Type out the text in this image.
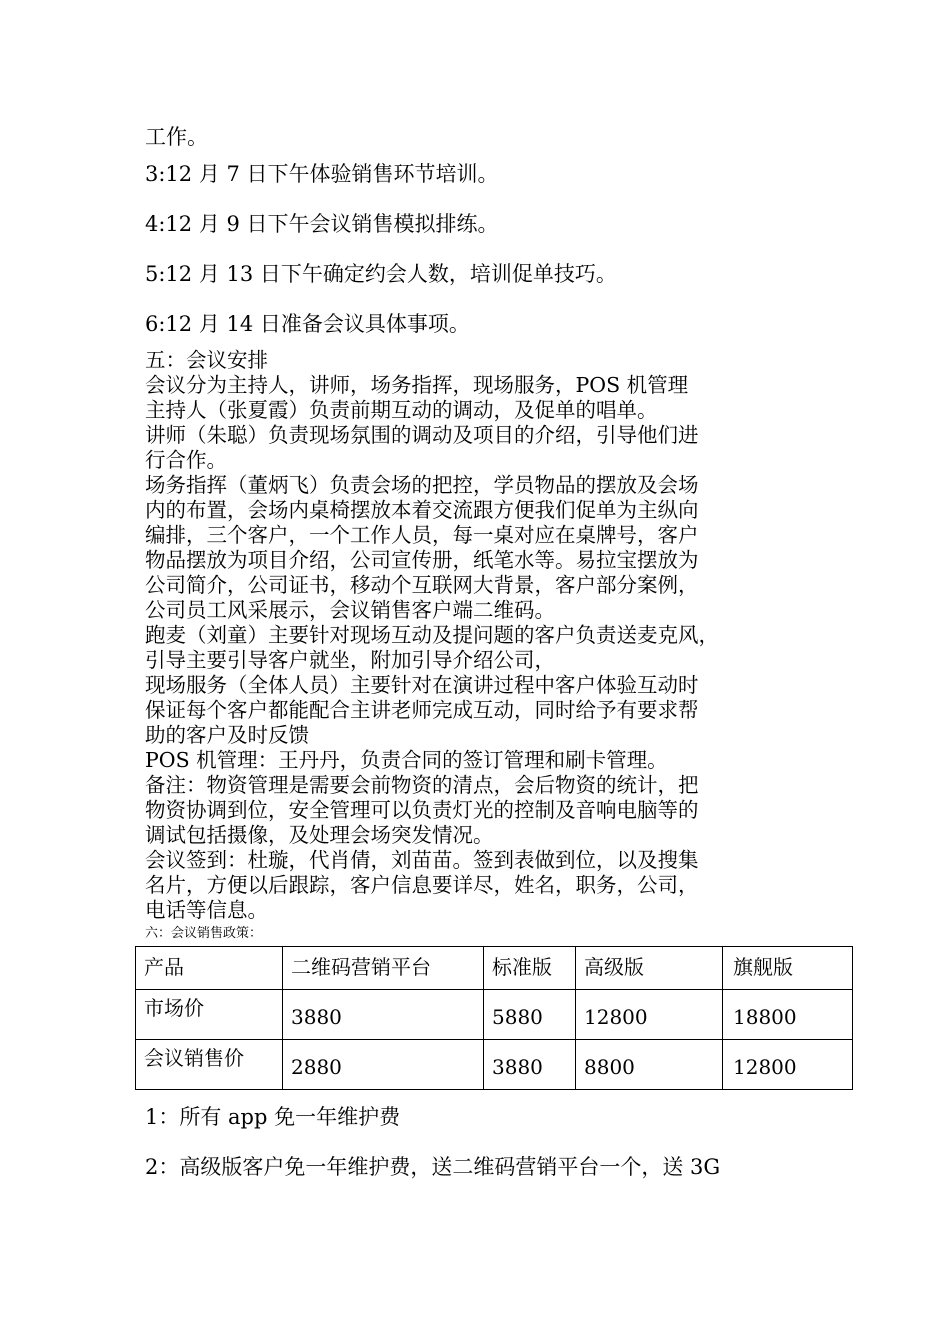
工作。
3:12 月 7 日下午体验销售环节培训。
4:12 月 9 日下午会议销售模拟排练。
5:12 月 13 日下午确定约会人数，培训促单技巧。
6:12 月 14 日准备会议具体事项。
五：会议安排
会议分为主持人，讲师，场务指挥，现场服务，POS 机管理
主持人（张夏霞）负责前期互动的调动，及促单的唱单。
讲师（朱聪）负责现场氛围的调动及项目的介绍，引导他们进
行合作。
场务指挥（董炳飞）负责会场的把控，学员物品的摆放及会场
内的布置，会场内桌椅摆放本着交流跟方便我们促单为主纵向
编排，三个客户，一个工作人员，每一桌对应在桌牌号，客户
物品摆放为项目介绍，公司宣传册，纸笔水等。易拉宝摆放为
公司简介，公司证书，移动个互联网大背景，客户部分案例，
公司员工风采展示，会议销售客户端二维码。
跑麦（刘童）主要针对现场互动及提问题的客户负责送麦克风，
引导主要引导客户就坐，附加引导介绍公司，
现场服务（全体人员）主要针对在演讲过程中客户体验互动时
保证每个客户都能配合主讲老师完成互动，同时给予有要求帮
助的客户及时反馈
POS 机管理：王丹丹，负责合同的签订管理和刷卡管理。
备注：物资管理是需要会前物资的清点，会后物资的统计，把
物资协调到位，安全管理可以负责灯光的控制及音响电脑等的
调试包括摄像，及处理会场突发情况。
会议签到：杜璇，代肖倩，刘苗苗。签到表做到位，以及搜集
名片，方便以后跟踪，客户信息要详尽，姓名，职务，公司，
电话等信息。
六：会议销售政策：
产品	二维码营销平台	标准版	高级版	旗舰版
市场价	3880	5880	12800	18800
会议销售价	2880	3880	8800	12800
1：所有 app 免一年维护费
2：高级版客户免一年维护费，送二维码营销平台一个，送 3G
